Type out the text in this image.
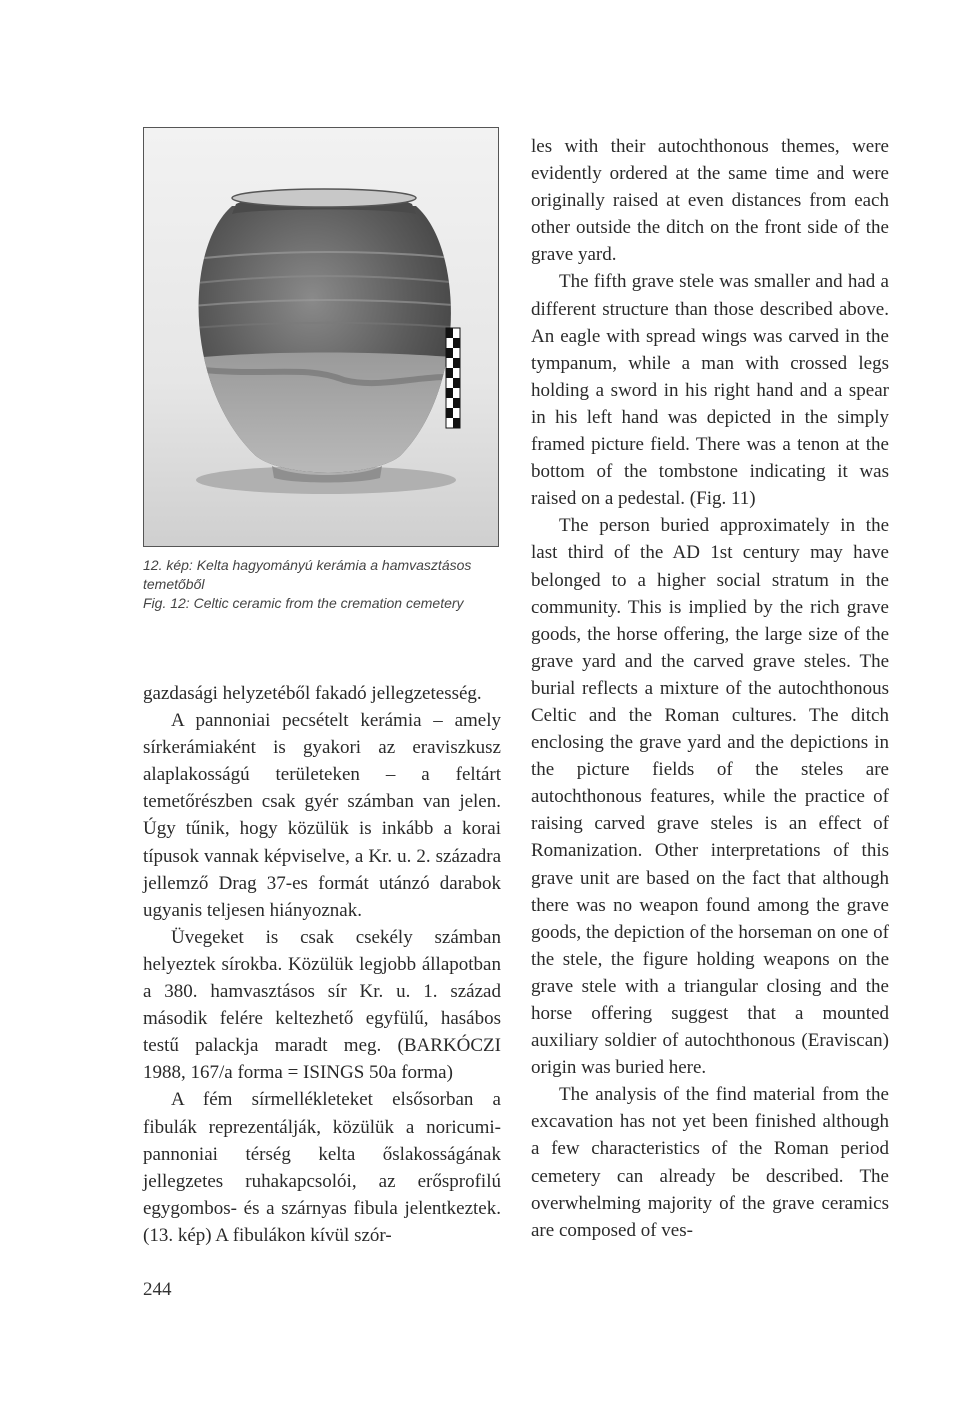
12. kép: Kelta hagyományú kerámia a hamvasztásos temetőből

Fig. 12: Celtic ceramic from the cremation cemetery

gazdasági helyzetéből fakadó jellegzetesség.

A pannoniai pecsételt kerámia – amely sírkerámiaként is gyakori az eraviszkusz alaplakosságú területeken – a feltárt temetőrészben csak gyér számban van jelen. Úgy tűnik, hogy közülük is inkább a korai típusok vannak képviselve, a Kr. u. 2. századra jellemző Drag 37-es formát utánzó darabok ugyanis teljesen hiányoznak.

Üvegeket is csak csekély számban helyeztek sírokba. Közülük legjobb állapotban a 380. hamvasztásos sír Kr. u. 1. század második felére keltezhető egyfülű, hasábos testű palackja maradt meg. (BARKÓCZI 1988, 167/a forma = ISINGS 50a forma)

A fém sírmellékleteket elsősorban a fibulák reprezentálják, közülük a noricumi-pannoniai térség kelta őslakosságának jellegzetes ruhakapcsolói, az erősprofilú egygombos- és a szárnyas fibula jelentkeztek. (13. kép) A fibulákon kívül szór-

les with their autochthonous themes, were evidently ordered at the same time and were originally raised at even distances from each other outside the ditch on the front side of the grave yard.

The fifth grave stele was smaller and had a different structure than those described above. An eagle with spread wings was carved in the tympanum, while a man with crossed legs holding a sword in his right hand and a spear in his left hand was depicted in the simply framed picture field. There was a tenon at the bottom of the tombstone indicating it was raised on a pedestal. (Fig. 11)

The person buried approximately in the last third of the AD 1st century may have belonged to a higher social stratum in the community. This is implied by the rich grave goods, the horse offering, the large size of the grave yard and the carved grave steles. The burial reflects a mixture of the autochthonous Celtic and the Roman cultures. The ditch enclosing the grave yard and the depictions in the picture fields of the steles are autochthonous features, while the practice of raising carved grave steles is an effect of Romanization. Other interpretations of this grave unit are based on the fact that although there was no weapon found among the grave goods, the depiction of the horseman on one of the stele, the figure holding weapons on the grave stele with a triangular closing and the horse offering suggest that a mounted auxiliary soldier of autochthonous (Eraviscan) origin was buried here.

The analysis of the find material from the excavation has not yet been finished although a few characteristics of the Roman period cemetery can already be described. The overwhelming majority of the grave ceramics are composed of ves-

244
